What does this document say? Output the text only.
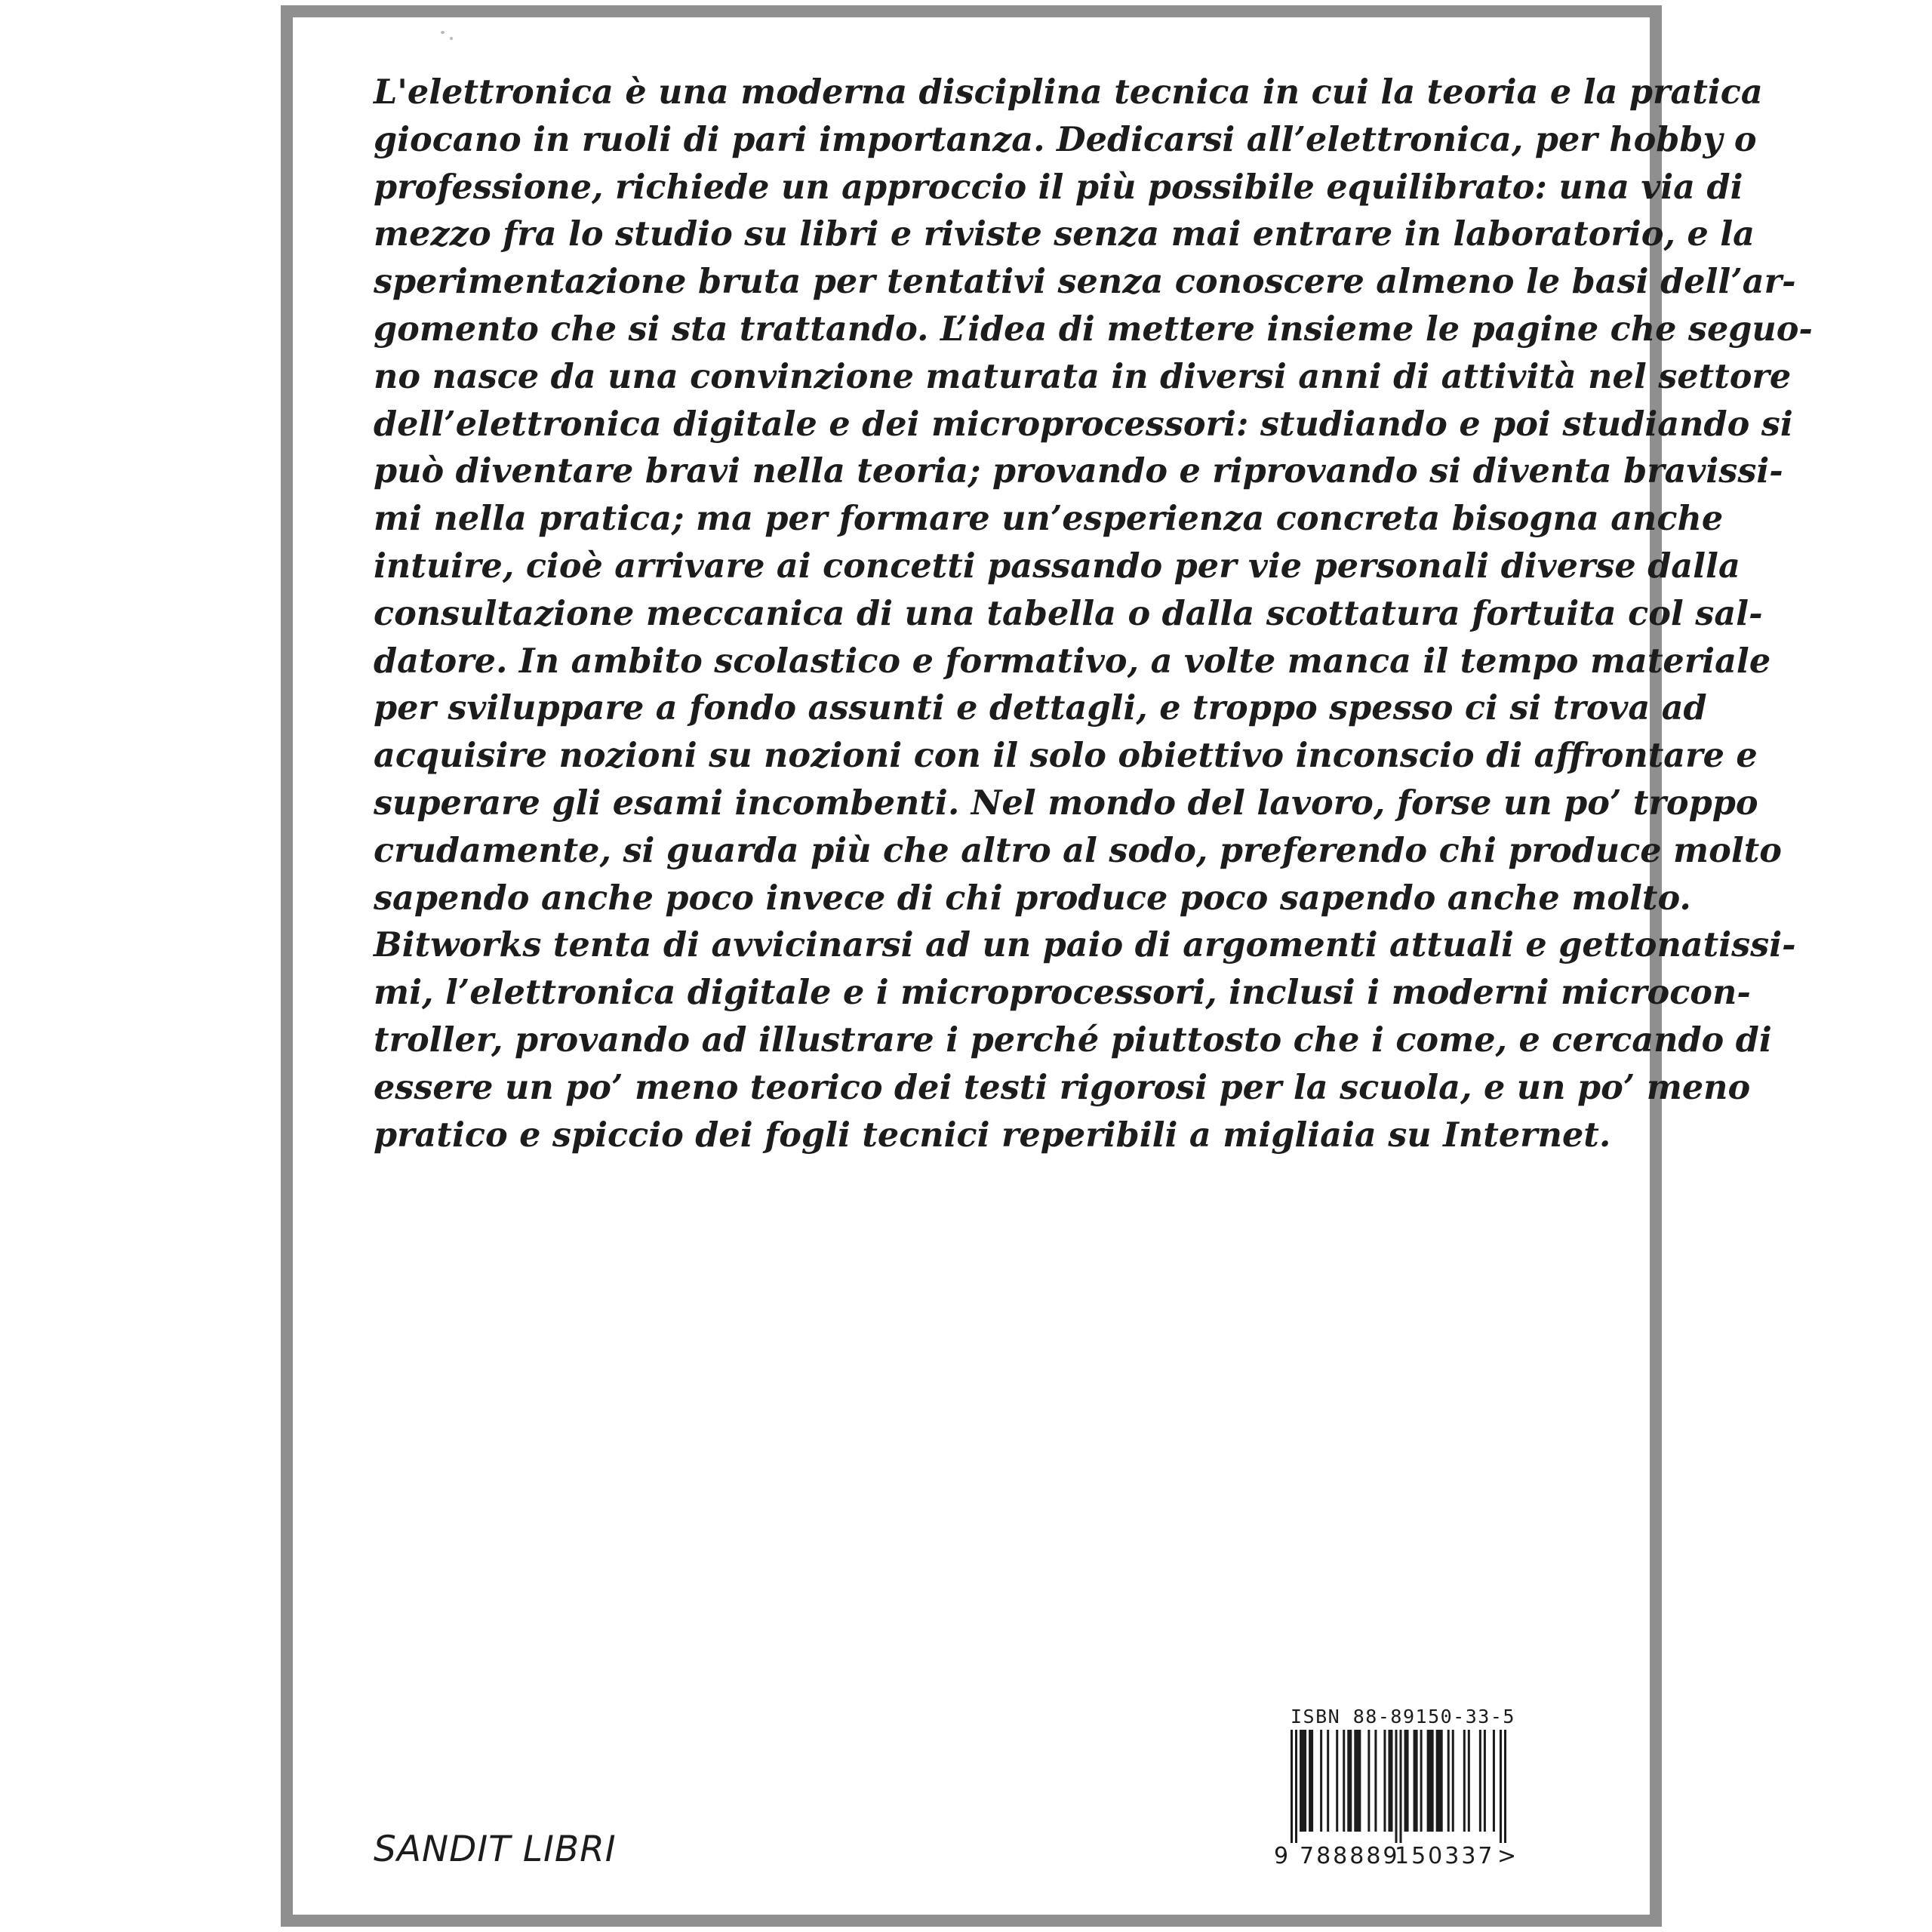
L'elettronica è una moderna disciplina tecnica in cui la teoria e la pratica
giocano in ruoli di pari importanza. Dedicarsi all’elettronica, per hobby o
professione, richiede un approccio il più possibile equilibrato: una via di
mezzo fra lo studio su libri e riviste senza mai entrare in laboratorio, e la
sperimentazione bruta per tentativi senza conoscere almeno le basi dell’ar-
gomento che si sta trattando. L’idea di mettere insieme le pagine che seguo-
no nasce da una convinzione maturata in diversi anni di attività nel settore
dell’elettronica digitale e dei microprocessori: studiando e poi studiando si
può diventare bravi nella teoria; provando e riprovando si diventa bravissi-
mi nella pratica; ma per formare un’esperienza concreta bisogna anche
intuire, cioè arrivare ai concetti passando per vie personali diverse dalla
consultazione meccanica di una tabella o dalla scottatura fortuita col sal-
datore. In ambito scolastico e formativo, a volte manca il tempo materiale
per sviluppare a fondo assunti e dettagli, e troppo spesso ci si trova ad
acquisire nozioni su nozioni con il solo obiettivo inconscio di affrontare e
superare gli esami incombenti. Nel mondo del lavoro, forse un po’ troppo
crudamente, si guarda più che altro al sodo, preferendo chi produce molto
sapendo anche poco invece di chi produce poco sapendo anche molto.
Bitworks tenta di avvicinarsi ad un paio di argomenti attuali e gettonatissi-
mi, l’elettronica digitale e i microprocessori, inclusi i moderni microcon-
troller, provando ad illustrare i perché piuttosto che i come, e cercando di
essere un po’ meno teorico dei testi rigorosi per la scuola, e un po’ meno
pratico e spiccio dei fogli tecnici reperibili a migliaia su Internet.
SANDIT LIBRI
ISBN 88-89150-33-5
9 788889
150337 >
